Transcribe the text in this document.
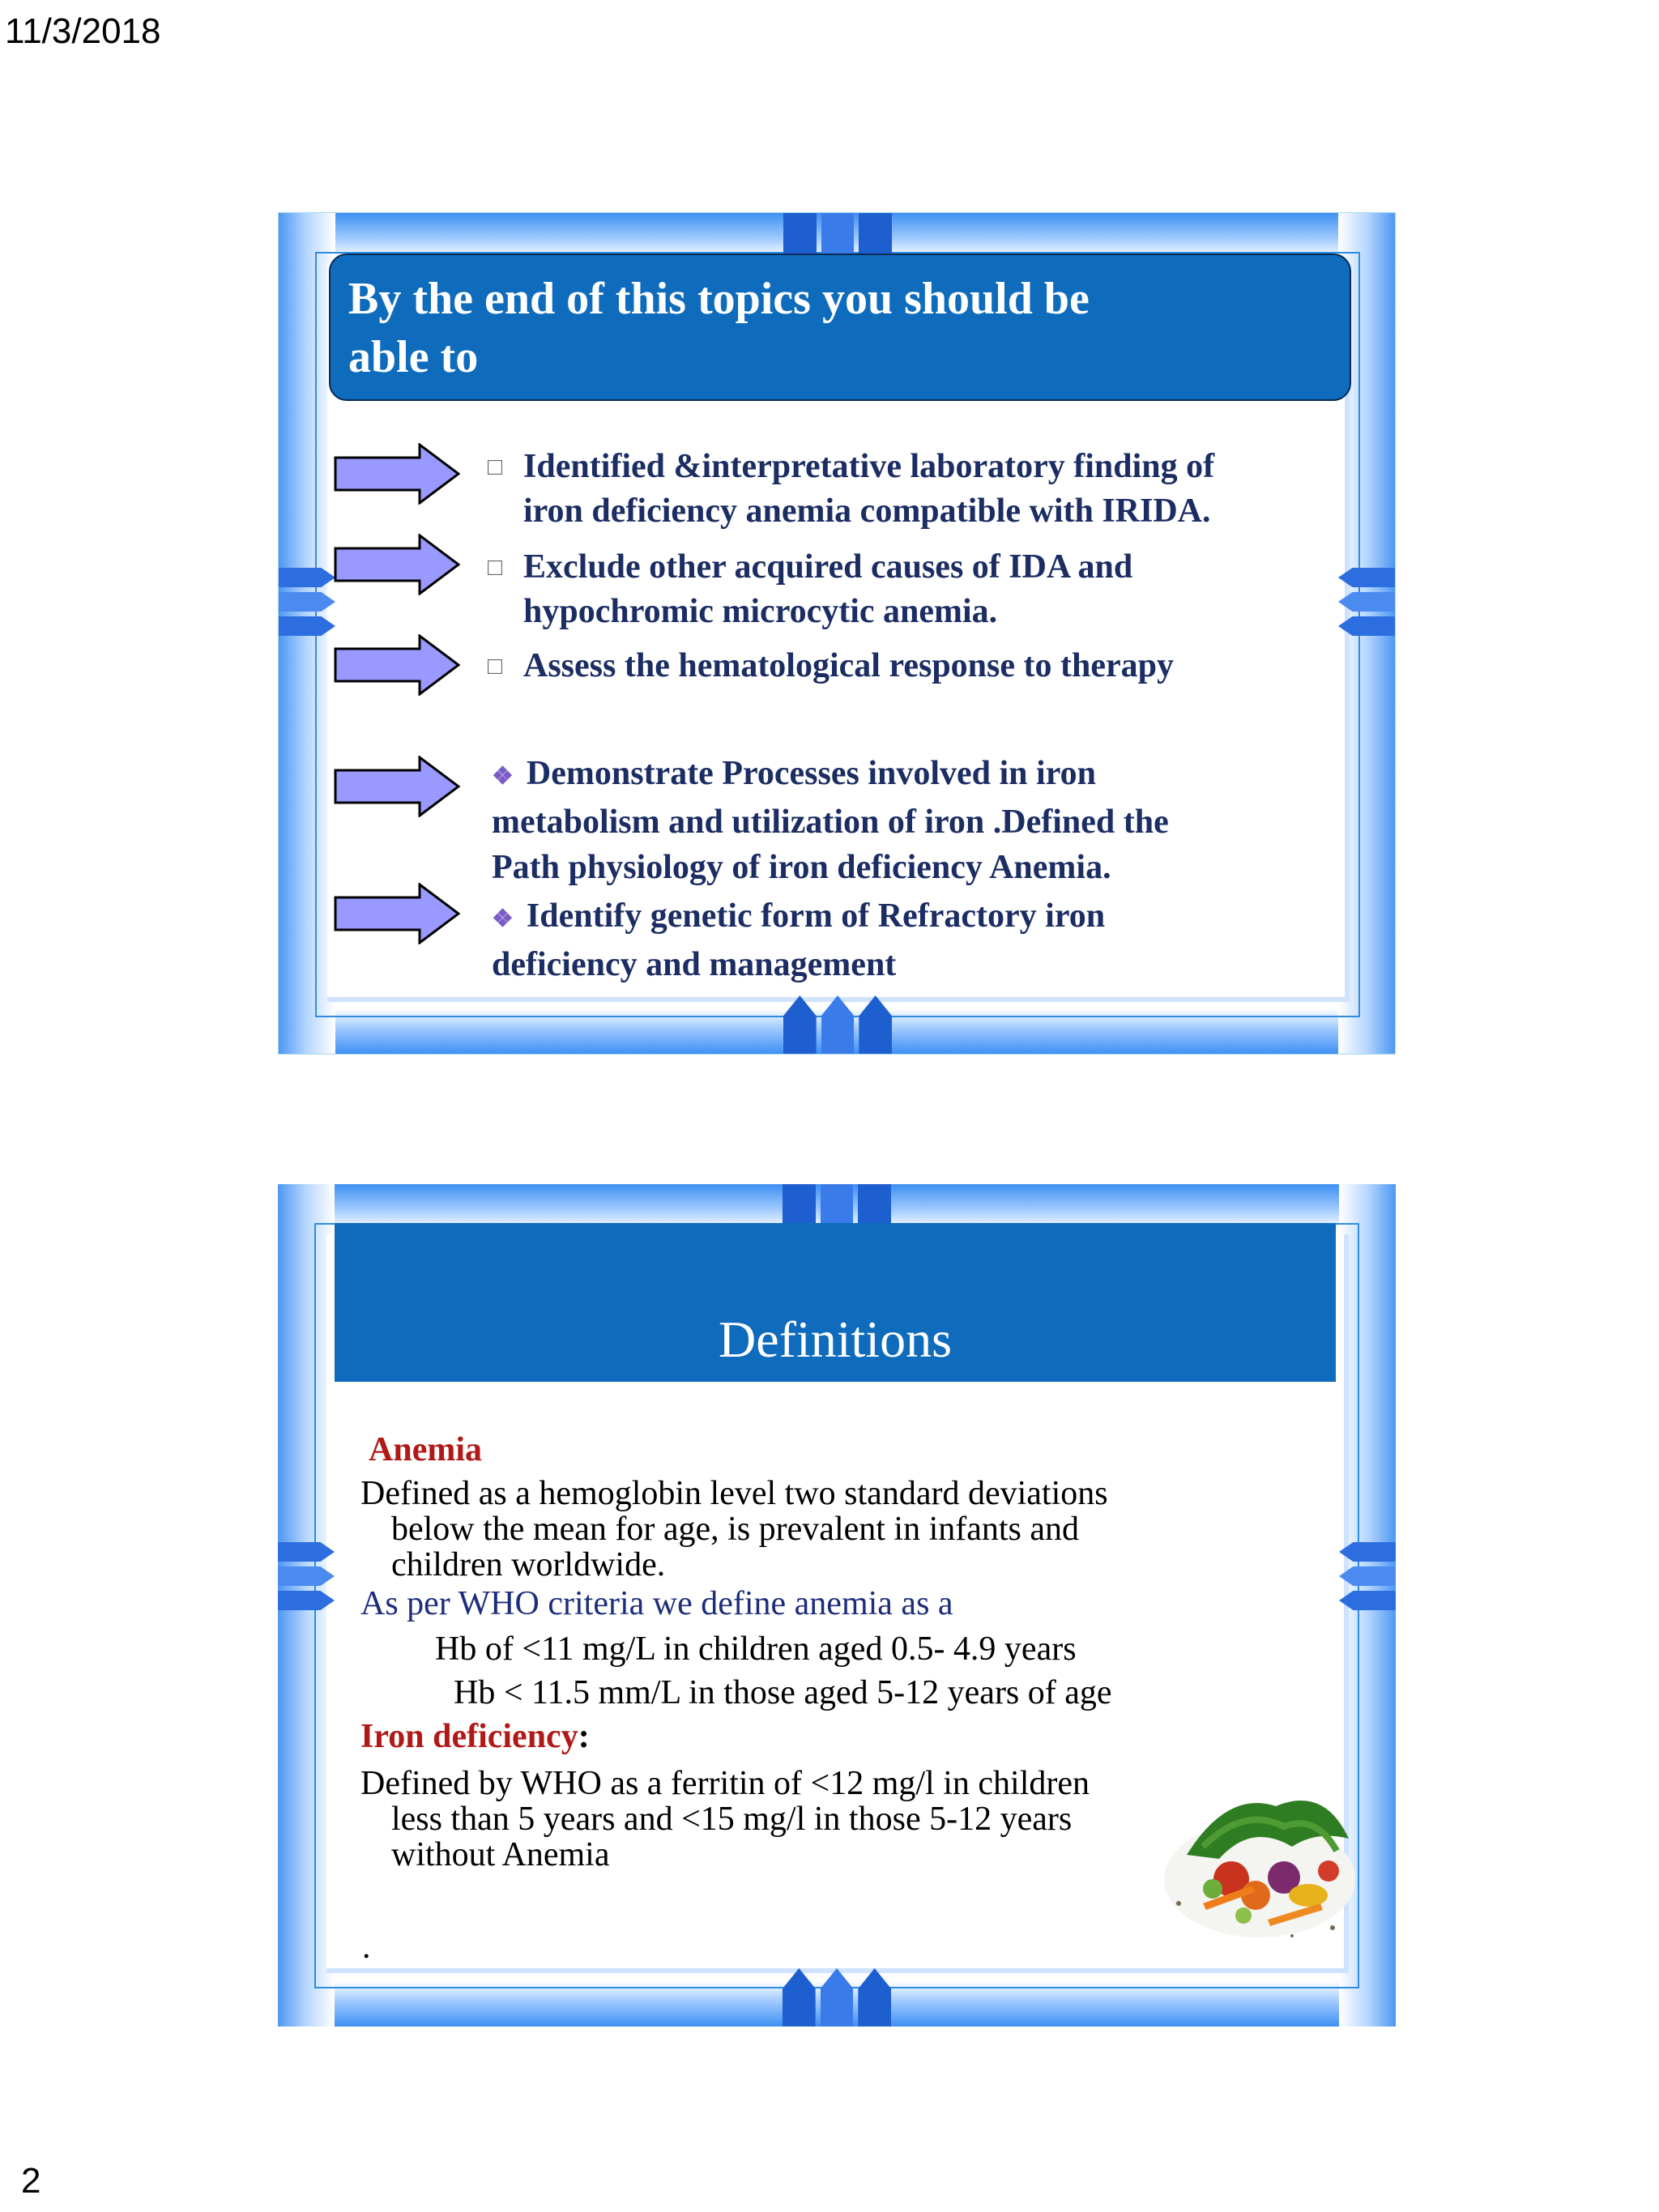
11/3/2018
By the end of this topics you should be
able to
□ Identified &interpretative laboratory finding of
iron deficiency anemia compatible with IRIDA.
□ Exclude other acquired causes of IDA and
hypochromic microcytic anemia.
□ Assess the hematological response to therapy
❖ Demonstrate Processes involved in iron
metabolism and utilization of iron .Defined the
Path physiology of iron deficiency Anemia.
❖ Identify genetic form of Refractory iron
deficiency and management
Definitions
Anemia
Defined as a hemoglobin level two standard deviations
below the mean for age, is prevalent in infants and
children worldwide.
As per WHO criteria we define anemia as a
Hb of <11 mg/L in children aged 0.5- 4.9 years
Hb < 11.5 mm/L in those aged 5-12 years of age
Iron deficiency:
Defined by WHO as a ferritin of <12 mg/l in children
less than 5 years and <15 mg/l in those 5-12 years
without Anemia
.
2
